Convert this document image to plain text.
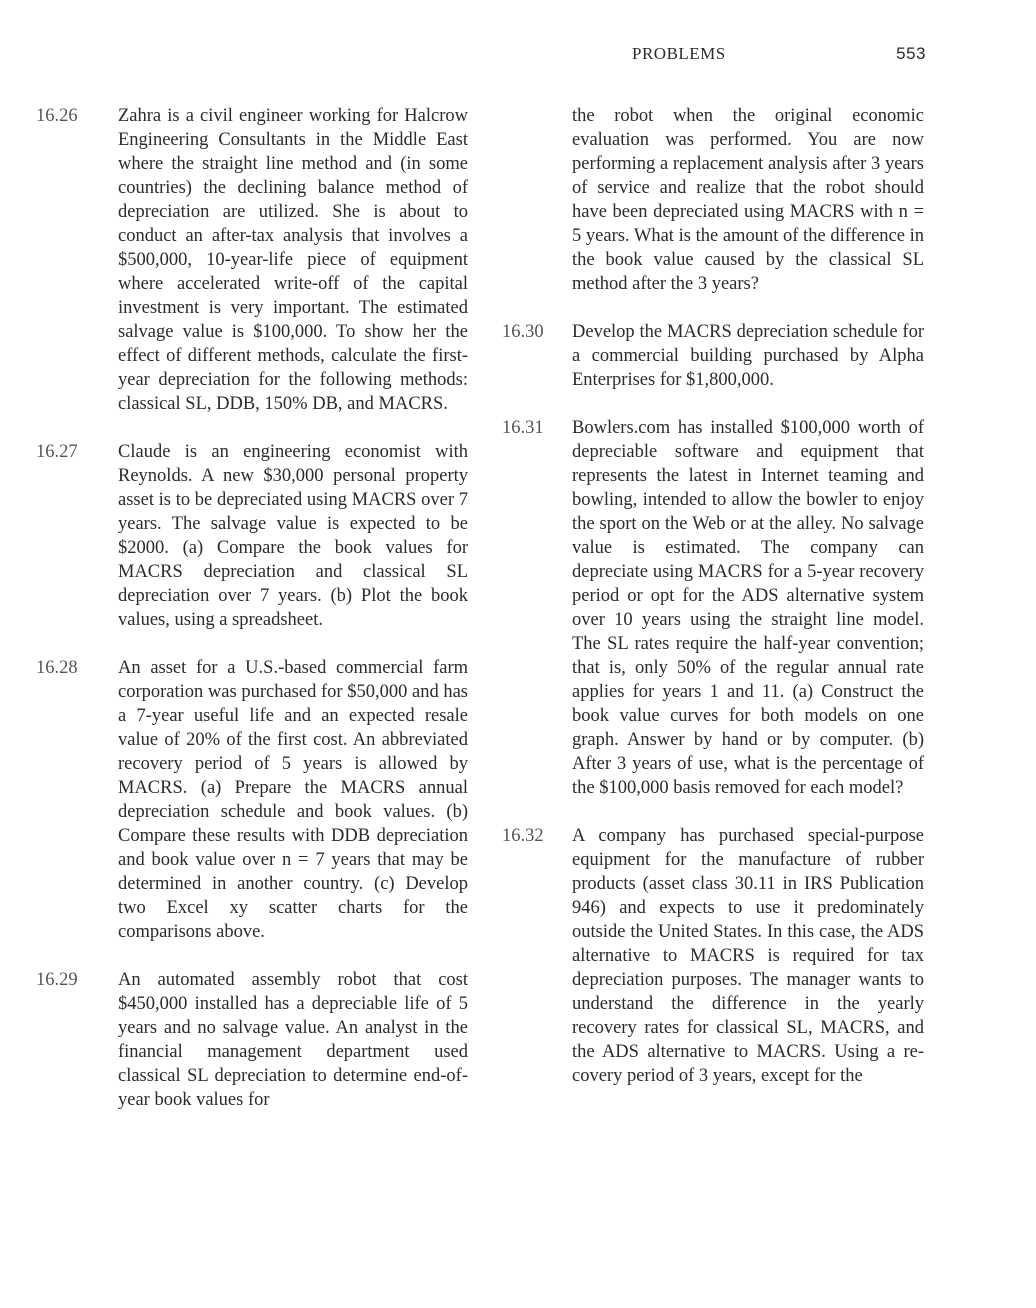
PROBLEMS	553
16.26	Zahra is a civil engineer working for Halcrow Engineering Consultants in the Middle East where the straight line method and (in some countries) the declining balance method of depreciation are utilized. She is about to conduct an after-tax analysis that involves a $500,000, 10-year-life piece of equipment where accelerated write-off of the capital investment is very important. The estimated salvage value is $100,000. To show her the effect of different methods, calculate the first-year depreciation for the following methods: classical SL, DDB, 150% DB, and MACRS.
16.27	Claude is an engineering economist with Reynolds. A new $30,000 personal property asset is to be depreciated using MACRS over 7 years. The salvage value is expected to be $2000. (a) Compare the book values for MACRS depreciation and classical SL depreciation over 7 years. (b) Plot the book values, using a spreadsheet.
16.28	An asset for a U.S.-based commercial farm corporation was purchased for $50,000 and has a 7-year useful life and an expected resale value of 20% of the first cost. An abbreviated recovery period of 5 years is allowed by MACRS. (a) Prepare the MACRS annual depreciation schedule and book values. (b) Compare these results with DDB depreciation and book value over n = 7 years that may be determined in another country. (c) Develop two Excel xy scatter charts for the comparisons above.
16.29	An automated assembly robot that cost $450,000 installed has a depreciable life of 5 years and no salvage value. An analyst in the financial management department used classical SL depreciation to determine end-of-year book values for
the robot when the original economic evaluation was performed. You are now performing a replacement analysis after 3 years of service and realize that the robot should have been depreciated using MACRS with n = 5 years. What is the amount of the difference in the book value caused by the classical SL method after the 3 years?
16.30	Develop the MACRS depreciation schedule for a commercial building purchased by Alpha Enterprises for $1,800,000.
16.31	Bowlers.com has installed $100,000 worth of depreciable software and equipment that represents the latest in Internet teaming and bowling, intended to allow the bowler to enjoy the sport on the Web or at the alley. No salvage value is estimated. The company can depreciate using MACRS for a 5-year recovery period or opt for the ADS alternative system over 10 years using the straight line model. The SL rates require the half-year convention; that is, only 50% of the regular annual rate applies for years 1 and 11. (a) Construct the book value curves for both models on one graph. Answer by hand or by computer. (b) After 3 years of use, what is the percentage of the $100,000 basis removed for each model?
16.32	A company has purchased special-purpose equipment for the manufacture of rubber products (asset class 30.11 in IRS Publication 946) and expects to use it predominately outside the United States. In this case, the ADS alternative to MACRS is required for tax depreciation purposes. The manager wants to understand the difference in the yearly recovery rates for classical SL, MACRS, and the ADS alternative to MACRS. Using a recovery period of 3 years, except for the
